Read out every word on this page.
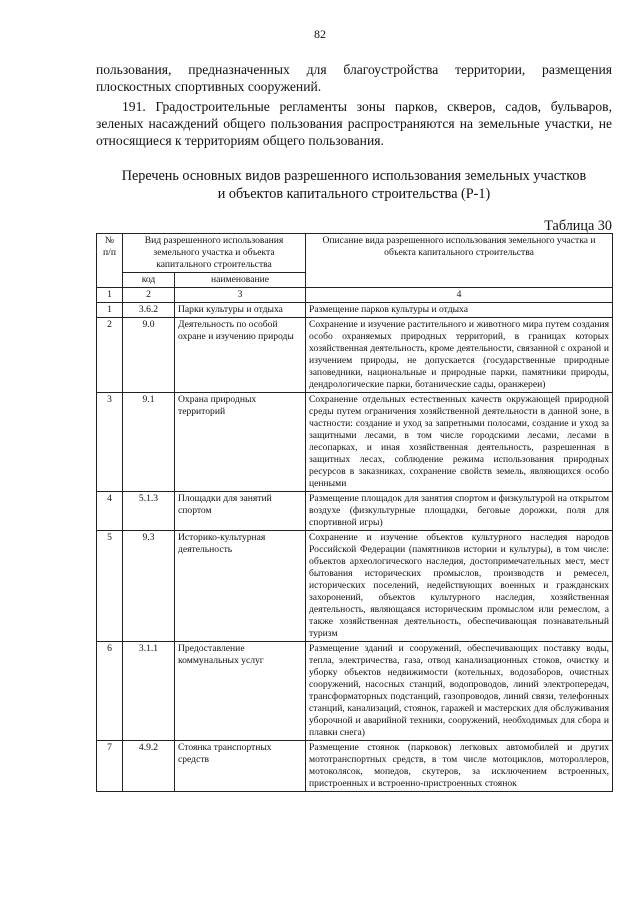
82
пользования, предназначенных для благоустройства территории, размещения плоскостных спортивных сооружений.
191. Градостроительные регламенты зоны парков, скверов, садов, бульваров, зеленых насаждений общего пользования распространяются на земельные участки, не относящиеся к территориям общего пользования.
Перечень основных видов разрешенного использования земельных участков
и объектов капитального строительства (Р-1)
Таблица 30
№ п/п	Вид разрешенного использования земельного участка и объекта капитального строительства		Описание вида разрешенного использования земельного участка и объекта капитального строительства
	код	наименование	
1	2	3	4
1	3.6.2	Парки культуры и отдыха	Размещение парков культуры и отдыха
2	9.0	Деятельность по особой охране и изучению природы	Сохранение и изучение растительного и животного мира путем создания особо охраняемых природных территорий, в границах которых хозяйственная деятельность, кроме деятельности, связанной с охраной и изучением природы, не допускается (государственные природные заповедники, национальные и природные парки, памятники природы, дендрологические парки, ботанические сады, оранжереи)
3	9.1	Охрана природных территорий	Сохранение отдельных естественных качеств окружающей природной среды путем ограничения хозяйственной деятельности в данной зоне, в частности: создание и уход за запретными полосами, создание и уход за защитными лесами, в том числе городскими лесами, лесами в лесопарках, и иная хозяйственная деятельность, разрешенная в защитных лесах, соблюдение режима использования природных ресурсов в заказниках, сохранение свойств земель, являющихся особо ценными
4	5.1.3	Площадки для занятий спортом	Размещение площадок для занятия спортом и физкультурой на открытом воздухе (физкультурные площадки, беговые дорожки, поля для спортивной игры)
5	9.3	Историко-культурная деятельность	Сохранение и изучение объектов культурного наследия народов Российской Федерации (памятников истории и культуры), в том числе: объектов археологического наследия, достопримечательных мест, мест бытования исторических промыслов, производств и ремесел, исторических поселений, недействующих военных и гражданских захоронений, объектов культурного наследия, хозяйственная деятельность, являющаяся историческим промыслом или ремеслом, а также хозяйственная деятельность, обеспечивающая познавательный туризм
6	3.1.1	Предоставление коммунальных услуг	Размещение зданий и сооружений, обеспечивающих поставку воды, тепла, электричества, газа, отвод канализационных стоков, очистку и уборку объектов недвижимости (котельных, водозаборов, очистных сооружений, насосных станций, водопроводов, линий электропередач, трансформаторных подстанций, газопроводов, линий связи, телефонных станций, канализаций, стоянок, гаражей и мастерских для обслуживания уборочной и аварийной техники, сооружений, необходимых для сбора и плавки снега)
7	4.9.2	Стоянка транспортных средств	Размещение стоянок (парковок) легковых автомобилей и других мототранспортных средств, в том числе мотоциклов, мотороллеров, мотоколясок, мопедов, скутеров, за исключением встроенных, пристроенных и встроенно-пристроенных стоянок
